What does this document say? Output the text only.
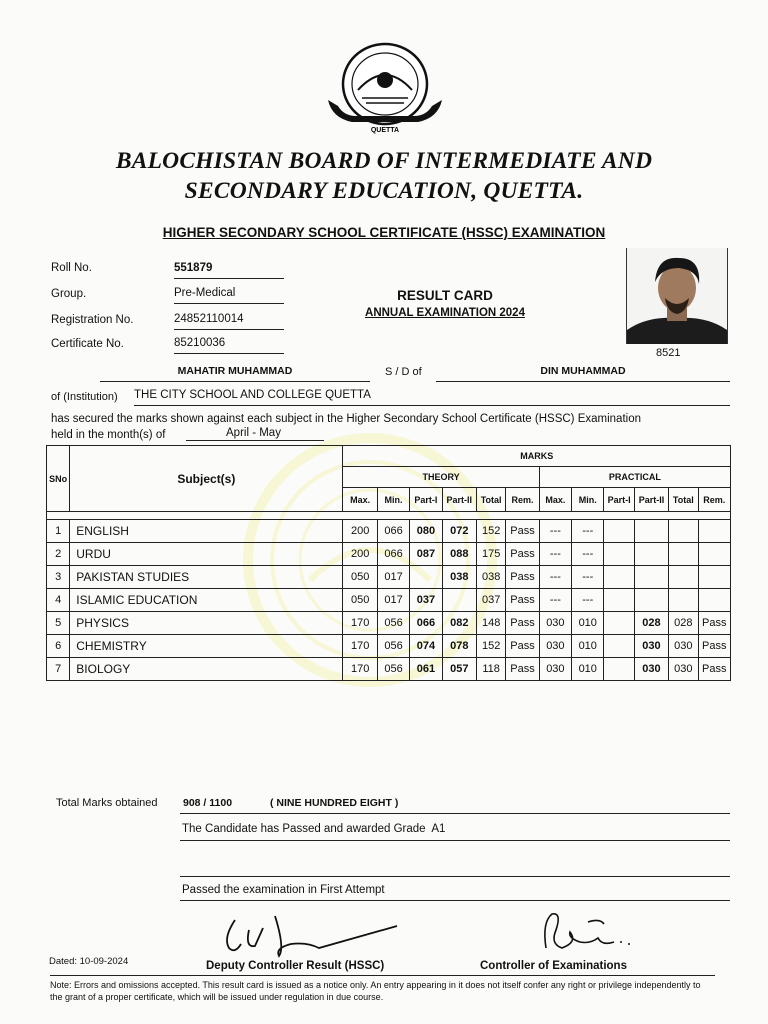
QUETTA
BALOCHISTAN BOARD OF INTERMEDIATE AND
SECONDARY EDUCATION, QUETTA.
HIGHER SECONDARY SCHOOL CERTIFICATE (HSSC) EXAMINATION
Roll No.	551879
Group.	Pre-Medical
Registration No.	24852110014
Certificate No.	85210036
RESULT CARD
ANNUAL EXAMINATION 2024
8521
MAHATIR MUHAMMAD	S / D of	DIN MUHAMMAD
of (Institution) THE CITY SCHOOL AND COLLEGE QUETTA
has secured the marks shown against each subject in the Higher Secondary School Certificate (HSSC) Examination
held in the month(s) of	April - May
SNo	Subject(s)	MARKS											
		THEORY						PRACTICAL					
		Max.	Min.	Part-I	Part-II	Total	Rem.	Max.	Min.	Part-I	Part-II	Total	Rem.

1	ENGLISH	200	066	080	072	152	Pass	---	---				
2	URDU	200	066	087	088	175	Pass	---	---				
3	PAKISTAN STUDIES	050	017		038	038	Pass	---	---				
4	ISLAMIC EDUCATION	050	017	037		037	Pass	---	---				
5	PHYSICS	170	056	066	082	148	Pass	030	010		028	028	Pass
6	CHEMISTRY	170	056	074	078	152	Pass	030	010		030	030	Pass
7	BIOLOGY	170	056	061	057	118	Pass	030	010		030	030	Pass
Total Marks obtained 908 / 1100	( NINE HUNDRED EIGHT )
The Candidate has Passed and awarded Grade A1
Passed the examination in First Attempt
Dated: 10-09-2024	Deputy Controller Result (HSSC)	Controller of Examinations
Note: Errors and omissions accepted. This result card is issued as a notice only. An entry appearing in it does not itself confer any right or privilege independently to the grant of a proper certificate, which will be issued under regulation in due course.
